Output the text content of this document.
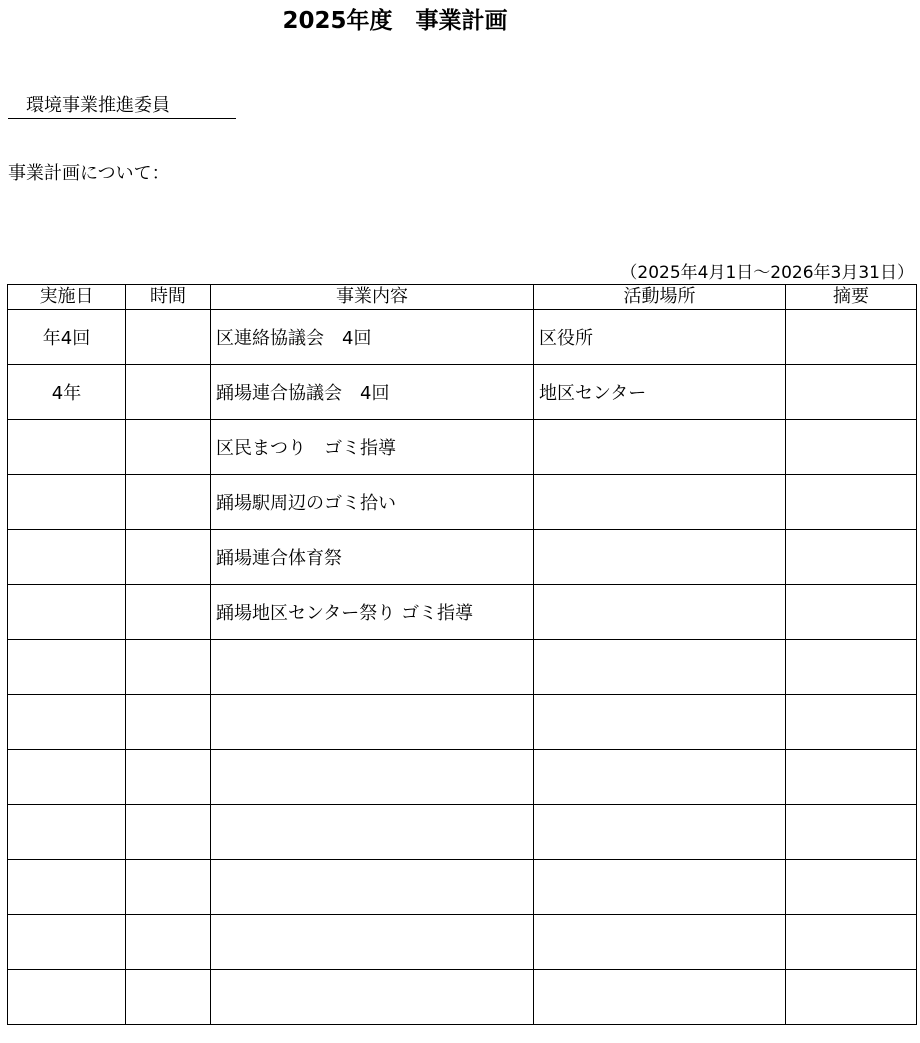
2025年度　事業計画
環境事業推進委員
事業計画について：
（2025年4月1日～2026年3月31日）
実施日	時間	事業内容	活動場所	摘要
年4回		区連絡協議会　4回	区役所	
4年		踊場連合協議会　4回	地区センター	
		区民まつり　ゴミ指導		
		踊場駅周辺のゴミ拾い		
		踊場連合体育祭		
		踊場地区センター祭り ゴミ指導		
